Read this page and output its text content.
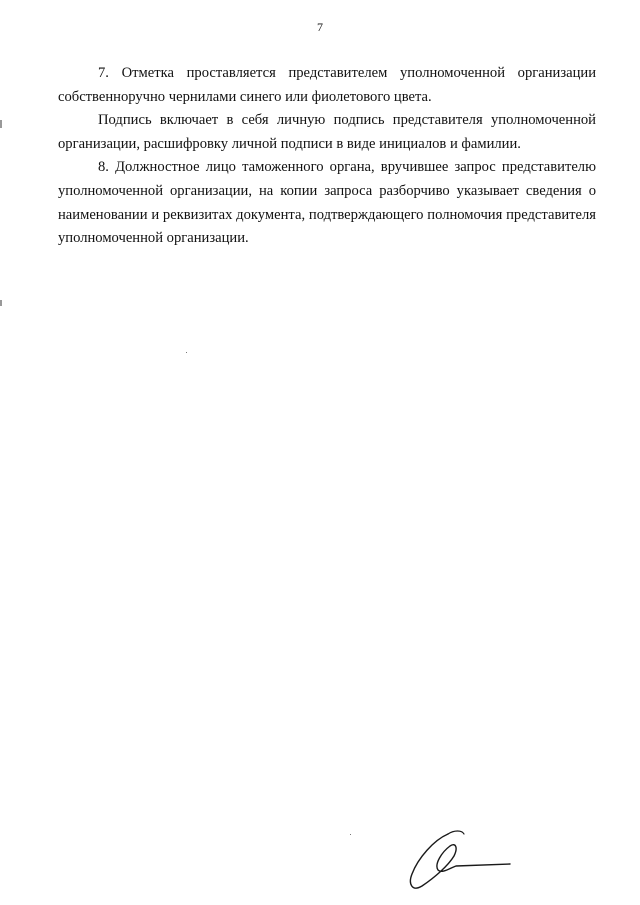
7

7. Отметка проставляется представителем уполномоченной организации собственноручно чернилами синего или фиолетового цвета.

Подпись включает в себя личную подпись представителя уполномоченной организации, расшифровку личной подписи в виде инициалов и фамилии.

8. Должностное лицо таможенного органа, вручившее запрос представителю уполномоченной организации, на копии запроса разборчиво указывает сведения о наименовании и реквизитах документа, подтверждающего полномочия представителя уполномоченной организации.
